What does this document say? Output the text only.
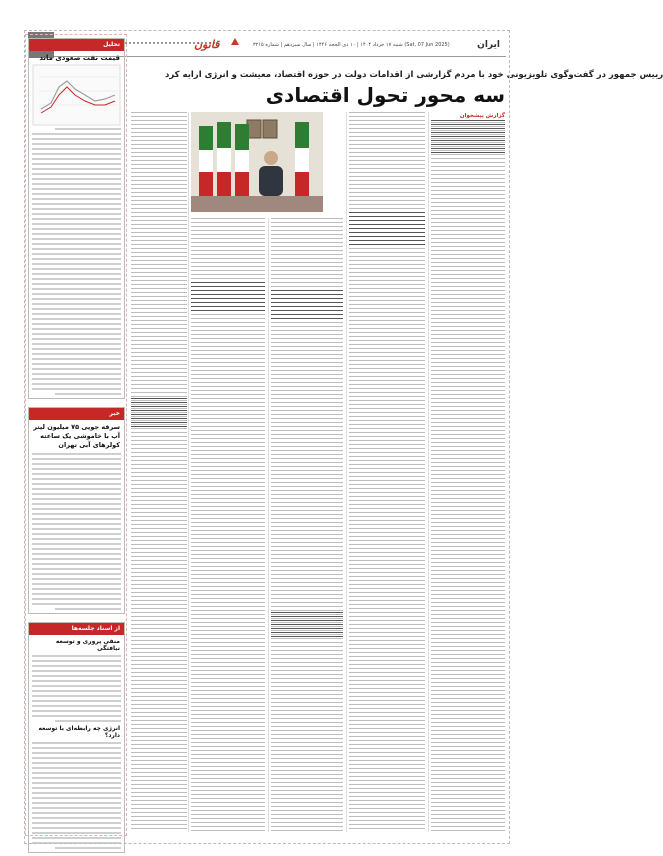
قانون	شنبه ۱۷ خرداد ۱۴۰۴ | ۱۰ ذی الحجه ۱۴۴۶ | سال سیزدهم | شماره ۳۲۱۵ (Sat, 07 Jun 2025)	ایران
تحلیل
قیمت نفت صعودی ماند
خبر
سرقه جویی ۷۵ میلیون لیتر آب با خاموشی یک ساعته کولرهای آبی تهران
از اسناد جلسه‌ها
منفی پروری و توسعه نیافتگی
انرژی چه رابطه‌ای با توسعه دارد؟
رییس جمهور در گفت‌وگوی تلویزیونی خود با مردم گزارشی از اقدامات دولت در حوزه اقتصاد، معیشت و انرژی ارایه کرد
سه محور تحول اقتصادی
گزارش پیشخوان
